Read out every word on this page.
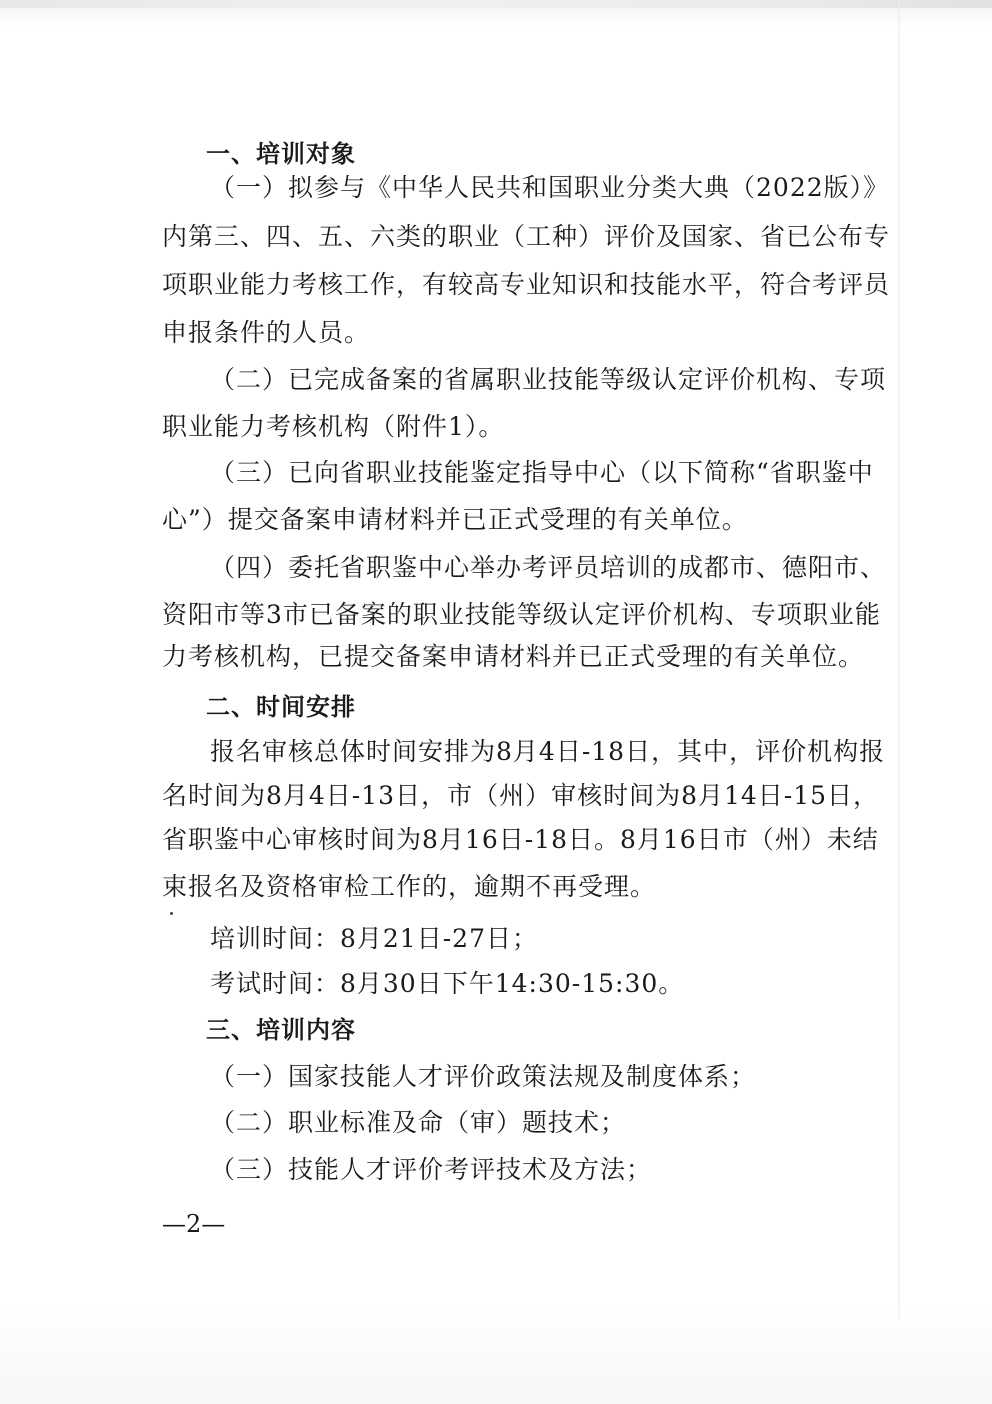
一、培训对象
（一）拟参与《中华人民共和国职业分类大典（2022版）》
内第三、四、五、六类的职业（工种）评价及国家、省已公布专
项职业能力考核工作，有较高专业知识和技能水平，符合考评员
申报条件的人员。
（二）已完成备案的省属职业技能等级认定评价机构、专项
职业能力考核机构（附件1）。
（三）已向省职业技能鉴定指导中心（以下简称“省职鉴中
心”）提交备案申请材料并已正式受理的有关单位。
（四）委托省职鉴中心举办考评员培训的成都市、德阳市、
资阳市等3市已备案的职业技能等级认定评价机构、专项职业能
力考核机构，已提交备案申请材料并已正式受理的有关单位。
二、时间安排
报名审核总体时间安排为8月4日-18日，其中，评价机构报
名时间为8月4日-13日，市（州）审核时间为8月14日-15日，
省职鉴中心审核时间为8月16日-18日。8月16日市（州）未结
束报名及资格审检工作的，逾期不再受理。
培训时间：8月21日-27日；
考试时间：8月30日下午14:30-15:30。
三、培训内容
（一）国家技能人才评价政策法规及制度体系；
（二）职业标准及命（审）题技术；
（三）技能人才评价考评技术及方法；
—2—
